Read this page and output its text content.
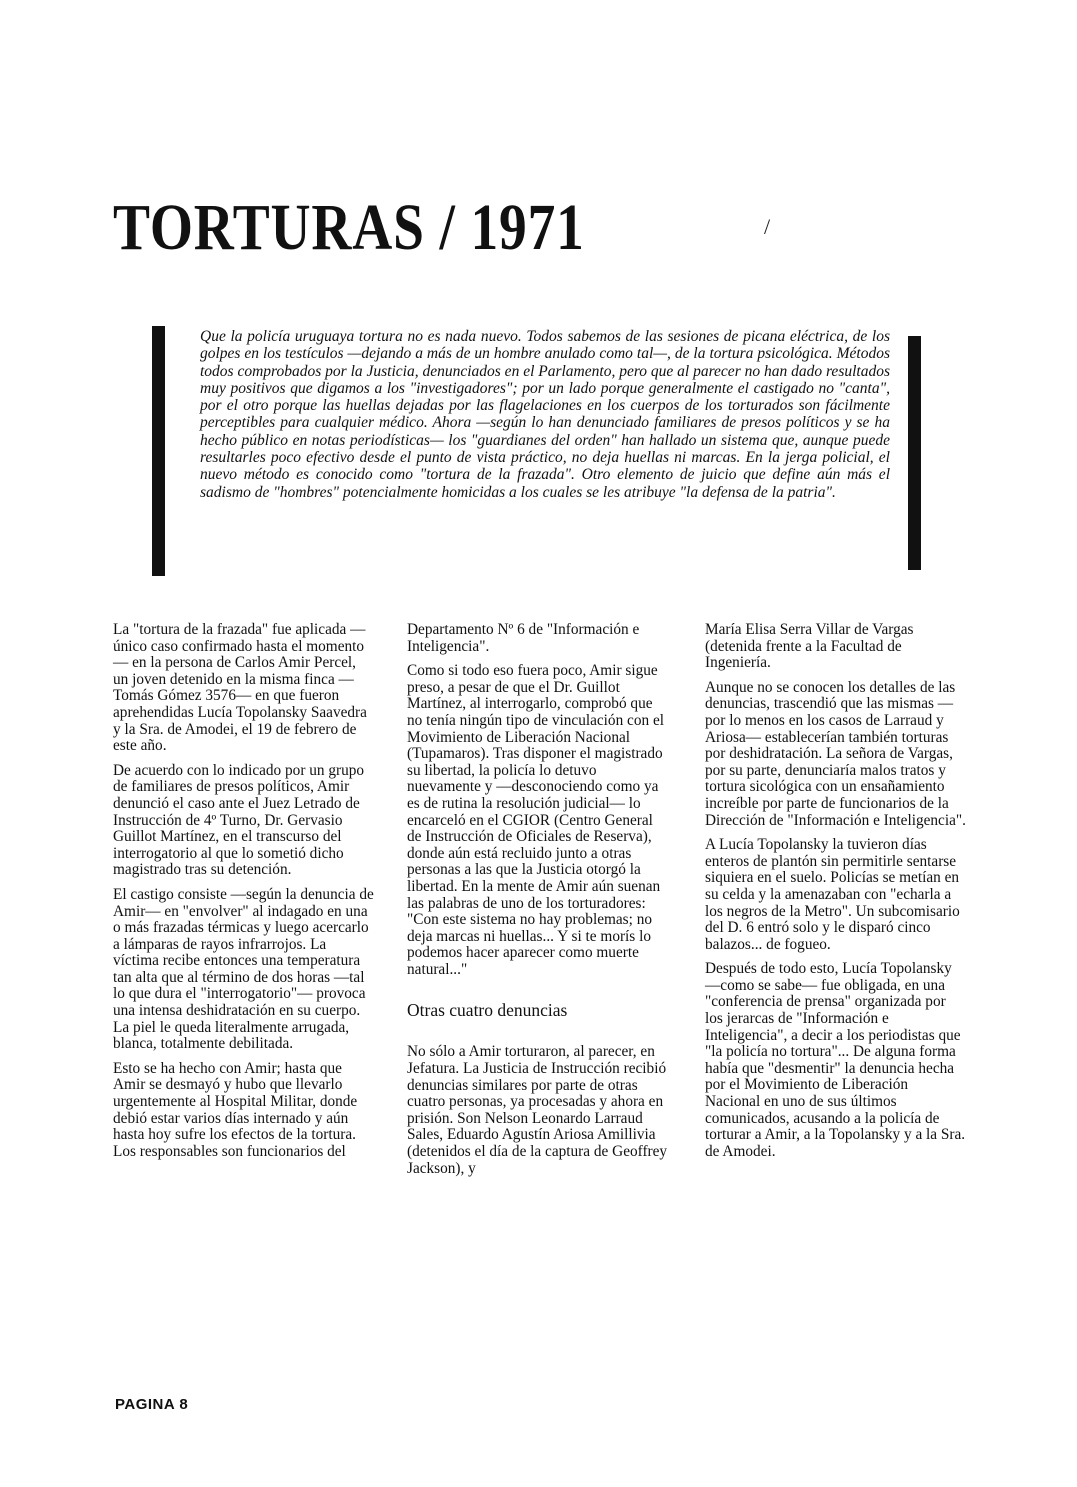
TORTURAS / 1971	/

Que la policía uruguaya tortura no es nada nuevo. Todos sabemos de las sesiones de picana eléctrica, de los golpes en los testículos —dejando a más de un hombre anulado como tal—, de la tortura psicológica. Métodos todos comprobados por la Justicia, denunciados en el Parlamento, pero que al parecer no han dado resultados muy positivos que digamos a los "investigadores"; por un lado porque generalmente el castigado no "canta", por el otro porque las huellas dejadas por las flagelaciones en los cuerpos de los torturados son fácilmente perceptibles para cualquier médico. Ahora —según lo han denunciado familiares de presos políticos y se ha hecho público en notas periodísticas— los "guardianes del orden" han hallado un sistema que, aunque puede resultarles poco efectivo desde el punto de vista práctico, no deja huellas ni marcas. En la jerga policial, el nuevo método es conocido como "tortura de la frazada". Otro elemento de juicio que define aún más el sadismo de "hombres" potencialmente homicidas a los cuales se les atribuye "la defensa de la patria".

La "tortura de la frazada" fue aplicada —único caso confirmado hasta el momento— en la persona de Carlos Amir Percel, un joven detenido en la misma finca —Tomás Gómez 3576— en que fueron aprehendidas Lucía Topolansky Saavedra y la Sra. de Amodei, el 19 de febrero de este año.

De acuerdo con lo indicado por un grupo de familiares de presos políticos, Amir denunció el caso ante el Juez Letrado de Instrucción de 4º Turno, Dr. Gervasio Guillot Martínez, en el transcurso del interrogatorio al que lo sometió dicho magistrado tras su detención.

El castigo consiste —según la denuncia de Amir— en "envolver" al indagado en una o más frazadas térmicas y luego acercarlo a lámparas de rayos infrarrojos. La víctima recibe entonces una temperatura tan alta que al término de dos horas —tal lo que dura el "interrogatorio"— provoca una intensa deshidratación en su cuerpo. La piel le queda literalmente arrugada, blanca, totalmente debilitada.

Esto se ha hecho con Amir; hasta que Amir se desmayó y hubo que llevarlo urgentemente al Hospital Militar, donde debió estar varios días internado y aún hasta hoy sufre los efectos de la tortura. Los responsables son funcionarios del

Departamento Nº 6 de "Información e Inteligencia".

Como si todo eso fuera poco, Amir sigue preso, a pesar de que el Dr. Guillot Martínez, al interrogarlo, comprobó que no tenía ningún tipo de vinculación con el Movimiento de Liberación Nacional (Tupamaros). Tras disponer el magistrado su libertad, la policía lo detuvo nuevamente y —desconociendo como ya es de rutina la resolución judicial— lo encarceló en el CGIOR (Centro General de Instrucción de Oficiales de Reserva), donde aún está recluido junto a otras personas a las que la Justicia otorgó la libertad. En la mente de Amir aún suenan las palabras de uno de los torturadores: "Con este sistema no hay problemas; no deja marcas ni huellas... Y si te morís lo podemos hacer aparecer como muerte natural..."

Otras cuatro denuncias

No sólo a Amir torturaron, al parecer, en Jefatura. La Justicia de Instrucción recibió denuncias similares por parte de otras cuatro personas, ya procesadas y ahora en prisión. Son Nelson Leonardo Larraud Sales, Eduardo Agustín Ariosa Amillivia (detenidos el día de la captura de Geoffrey Jackson), y

María Elisa Serra Villar de Vargas (detenida frente a la Facultad de Ingeniería.

Aunque no se conocen los detalles de las denuncias, trascendió que las mismas —por lo menos en los casos de Larraud y Ariosa— establecerían también torturas por deshidratación. La señora de Vargas, por su parte, denunciaría malos tratos y tortura sicológica con un ensañamiento increíble por parte de funcionarios de la Dirección de "Información e Inteligencia".

A Lucía Topolansky la tuvieron días enteros de plantón sin permitirle sentarse siquiera en el suelo. Policías se metían en su celda y la amenazaban con "echarla a los negros de la Metro". Un subcomisario del D. 6 entró solo y le disparó cinco balazos... de fogueo.

Después de todo esto, Lucía Topolansky —como se sabe— fue obligada, en una "conferencia de prensa" organizada por los jerarcas de "Información e Inteligencia", a decir a los periodistas que "la policía no tortura"... De alguna forma había que "desmentir" la denuncia hecha por el Movimiento de Liberación Nacional en uno de sus últimos comunicados, acusando a la policía de torturar a Amir, a la Topolansky y a la Sra. de Amodei.

PAGINA 8
